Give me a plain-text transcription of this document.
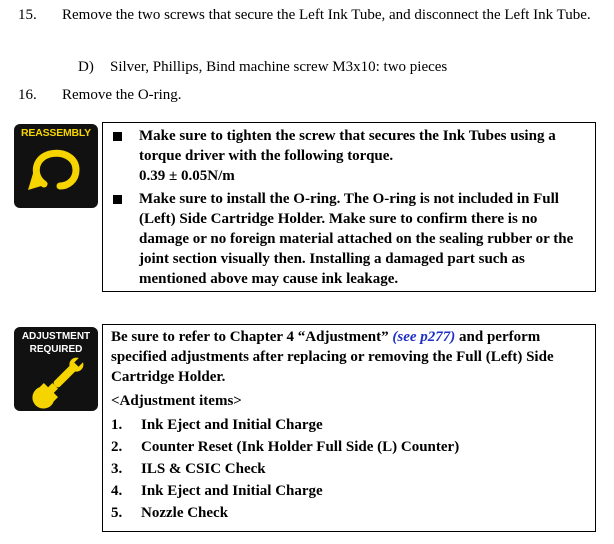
15.	Remove the two screws that secure the Left Ink Tube, and disconnect the Left Ink Tube.
D) Silver, Phillips, Bind machine screw M3x10: two pieces
16.	Remove the O-ring.
REASSEMBLY	Make sure to tighten the screw that secures the Ink Tubes using a torque driver with the following torque.
0.39 ± 0.05N/m
Make sure to install the O-ring. The O-ring is not included in Full (Left) Side Cartridge Holder. Make sure to confirm there is no damage or no foreign material attached on the sealing rubber or the joint section visually then. Installing a damaged part such as mentioned above may cause ink leakage.
ADJUSTMENT
REQUIRED
Be sure to refer to Chapter 4 “Adjustment” (see p277) and perform specified adjustments after replacing or removing the Full (Left) Side Cartridge Holder.
<Adjustment items>
1. Ink Eject and Initial Charge
2. Counter Reset (Ink Holder Full Side (L) Counter)
3. ILS & CSIC Check
4. Ink Eject and Initial Charge
5. Nozzle Check
